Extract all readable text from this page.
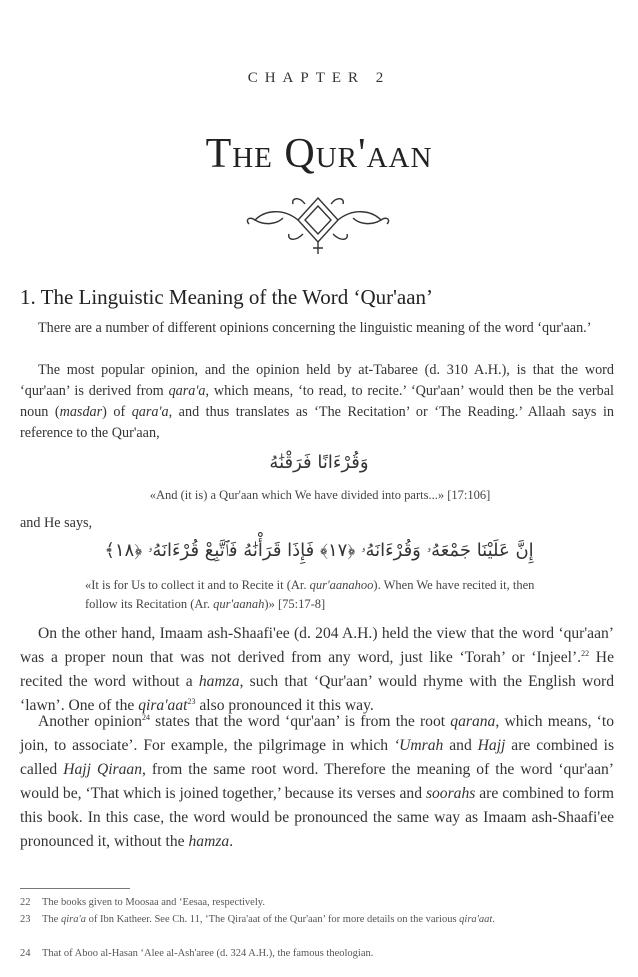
CHAPTER 2
The Qur'aan
1. The Linguistic Meaning of the Word ‘Qur'aan’

There are a number of different opinions concerning the linguistic meaning of the word ‘qur'aan.’

The most popular opinion, and the opinion held by at-Tabaree (d. 310 A.H.), is that the word ‘qur'aan’ is derived from qara'a, which means, ‘to read, to recite.’ ‘Qur'aan’ would then be the verbal noun (masdar) of qara'a, and thus translates as ‘The Recitation’ or ‘The Reading.’ Allaah says in reference to the Qur'aan,

وَقُرْءَانًا فَرَقْنَٰهُ

«And (it is) a Qur'aan which We have divided into parts...» [17:106]

and He says,

إِنَّ عَلَيْنَا جَمْعَهُۥ وَقُرْءَانَهُۥ ﴿١٧﴾ فَإِذَا قَرَأْنَٰهُ فَٱتَّبِعْ قُرْءَانَهُۥ ﴿١٨﴾

«It is for Us to collect it and to Recite it (Ar. qur'aanahoo). When We have recited it, then follow its Recitation (Ar. qur'aanah)» [75:17-8]

On the other hand, Imaam ash-Shaafi'ee (d. 204 A.H.) held the view that the word ‘qur'aan’ was a proper noun that was not derived from any word, just like ‘Torah’ or ‘Injeel’.$^{22}$ He recited the word without a hamza, such that ‘Qur'aan’ would rhyme with the English word ‘lawn’. One of the qira'aat$^{23}$ also pronounced it this way.

Another opinion$^{24}$ states that the word ‘qur'aan’ is from the root qarana, which means, ‘to join, to associate’. For example, the pilgrimage in which ‘Umrah and Hajj are combined is called Hajj Qiraan, from the same root word. Therefore the meaning of the word ‘qur'aan’ would be, ‘That which is joined together,’ because its verses and soorahs are combined to form this book. In this case, the word would be pronounced the same way as Imaam ash-Shaafi'ee pronounced it, without the hamza.

22 The books given to Moosaa and ‘Eesaa, respectively.

23 The qira'a of Ibn Katheer. See Ch. 11, ‘The Qira'aat of the Qur'aan’ for more details on the various qira'aat.

24 That of Aboo al-Hasan ‘Alee al-Ash'aree (d. 324 A.H.), the famous theologian.
